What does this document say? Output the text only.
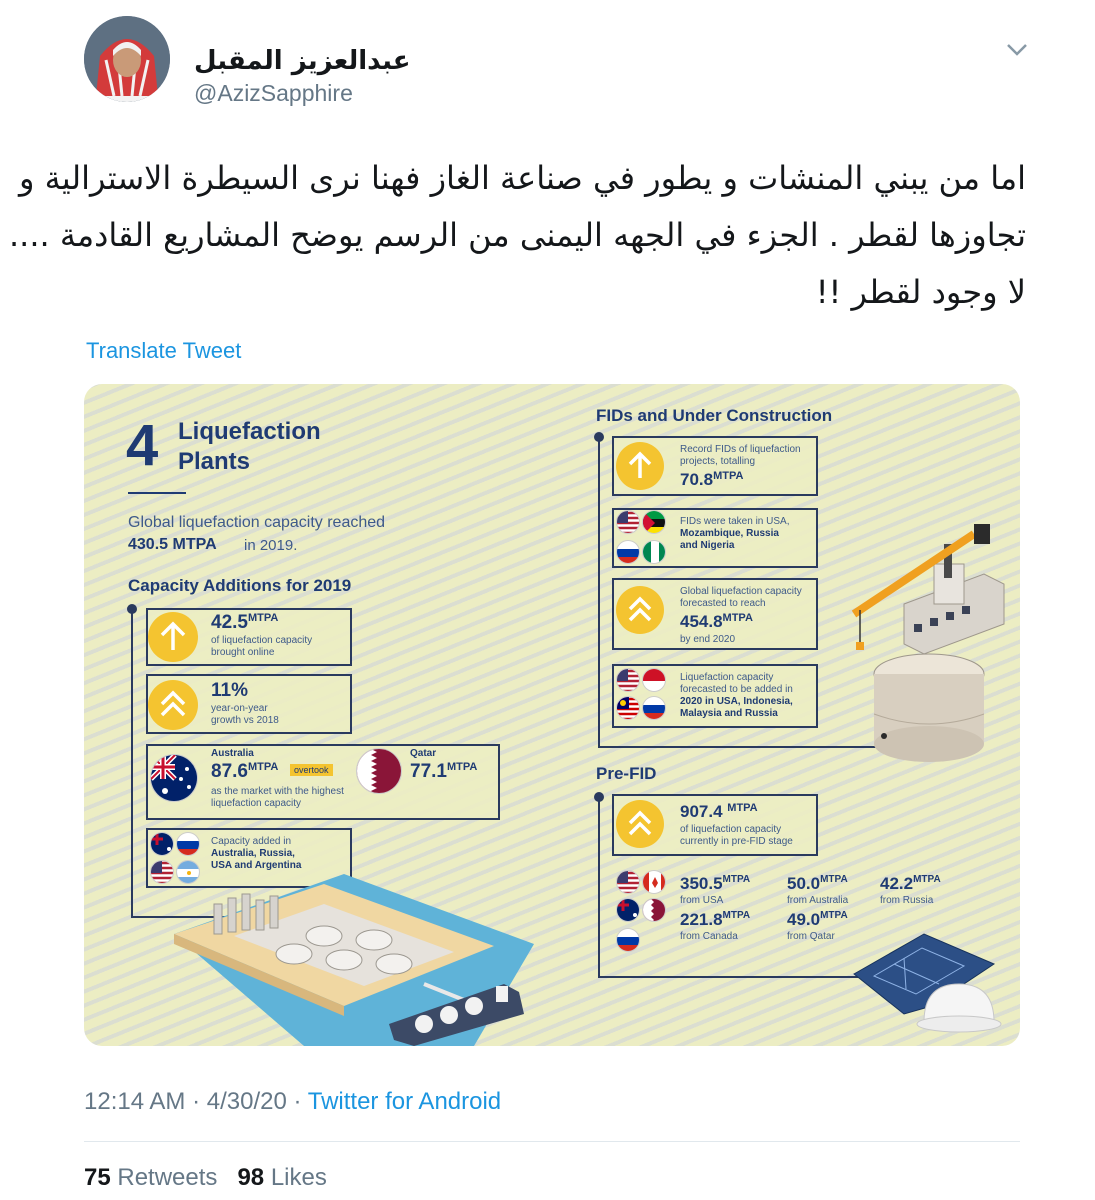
عبدالعزيز المقبل
@AzizSapphire
اما من يبني المنشات و يطور في صناعة الغاز فهنا نرى السيطرة الاسترالية و
تجاوزها لقطر . الجزء في الجهه اليمنى من الرسم يوضح المشاريع القادمة ....
لا وجود لقطر !!
Translate Tweet
4 Liquefaction
Plants
Global liquefaction capacity reached
430.5 MTPA in 2019.
Capacity Additions for 2019
$42.5^{MTPA}$
of liquefaction capacity
brought online
11%
year-on-year
growth vs 2018
Australia
$87.6^{MTPA}$	overtook
as the market with the highest
liquefaction capacity
Qatar
$77.1^{MTPA}$
Capacity added in
Australia, Russia,
USA and Argentina
FIDs and Under Construction
Record FIDs of liquefaction
projects, totalling
$70.8^{MTPA}$
FIDs were taken in USA,
Mozambique, Russia
and Nigeria
Global liquefaction capacity
forecasted to reach
$454.8^{MTPA}$
by end 2020
Liquefaction capacity
forecasted to be added in
2020 in USA, Indonesia,
Malaysia and Russia
Pre-FID
907.4 $^{MTPA}$
of liquefaction capacity
currently in pre-FID stage
$350.5^{MTPA}$
from USA
$50.0^{MTPA}$
from Australia
$42.2^{MTPA}$
from Russia
$221.8^{MTPA}$
from Canada
$49.0^{MTPA}$
from Qatar
12:14 AM · 4/30/20 · Twitter for Android
75 Retweets 98 Likes
